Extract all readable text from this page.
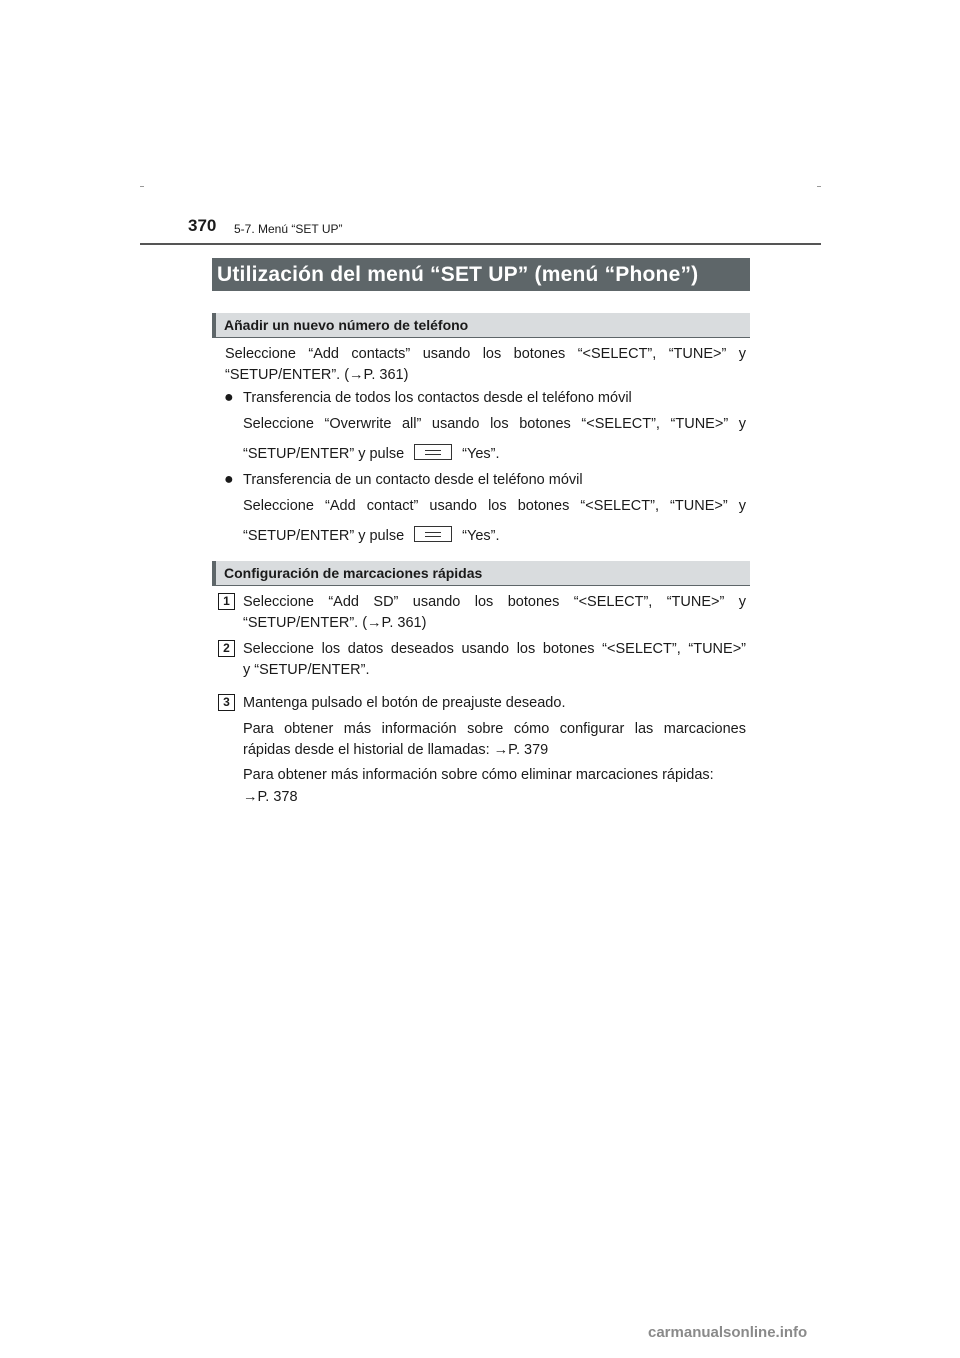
370 5-7. Menú “SET UP”
Utilización del menú “SET UP” (menú “Phone”)
Añadir un nuevo número de teléfono
Seleccione “Add contacts” usando los botones “<SELECT”, “TUNE>” y
“SETUP/ENTER”. (→P. 361)
● Transferencia de todos los contactos desde el teléfono móvil
Seleccione “Overwrite all” usando los botones “<SELECT”, “TUNE>” y
“SETUP/ENTER” y pulse	“Yes”.
● Transferencia de un contacto desde el teléfono móvil
Seleccione “Add contact” usando los botones “<SELECT”, “TUNE>” y
“SETUP/ENTER” y pulse	“Yes”.
Configuración de marcaciones rápidas
1 Seleccione “Add SD” usando los botones “<SELECT”, “TUNE>” y
“SETUP/ENTER”. (→P. 361)
2 Seleccione los datos deseados usando los botones “<SELECT”, “TUNE>”
y “SETUP/ENTER”.
3 Mantenga pulsado el botón de preajuste deseado.
Para obtener más información sobre cómo configurar las marcaciones
rápidas desde el historial de llamadas: →P. 379
Para obtener más información sobre cómo eliminar marcaciones rápidas:
→P. 378
carmanualsonline.info
